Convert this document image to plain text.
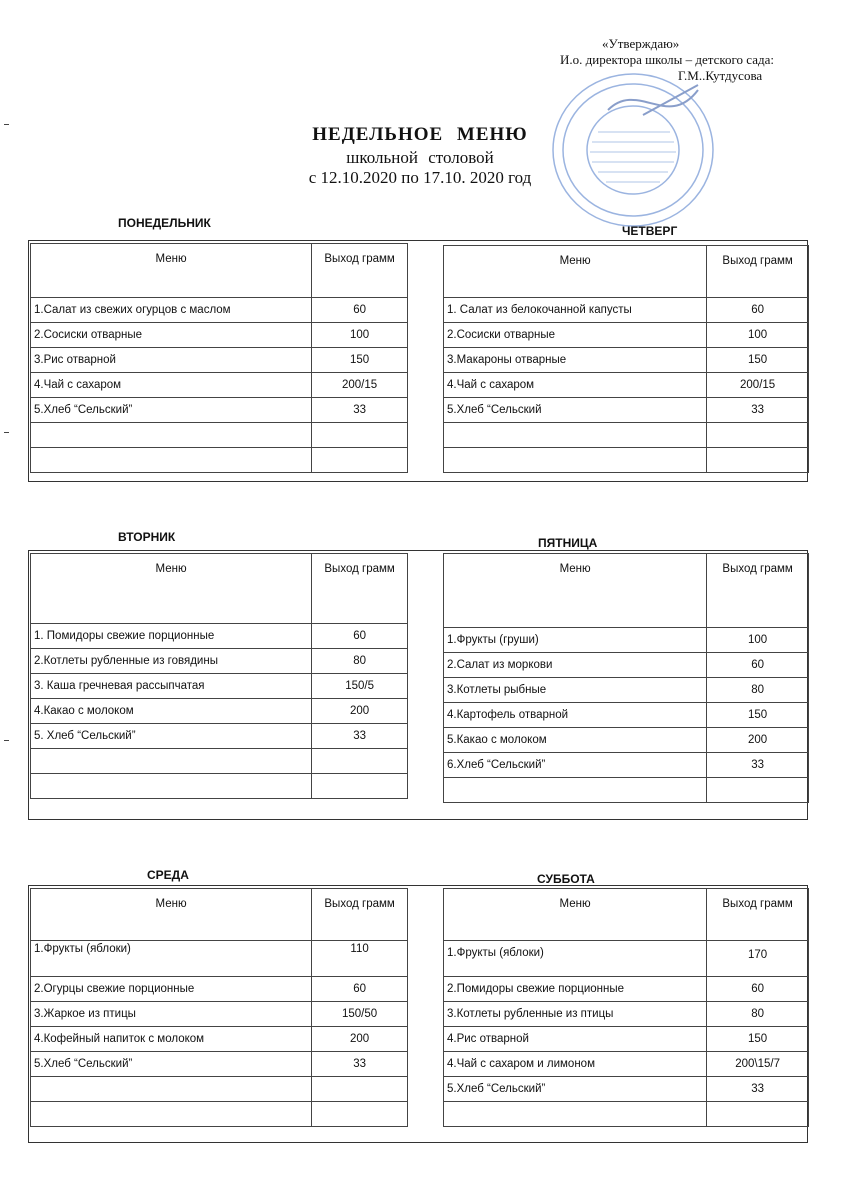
«Утверждаю»
И.о. директора школы – детского сада:
Г.М..Кутдусова
НЕДЕЛЬНОЕ МЕНЮ
школьной столовой
с 12.10.2020 по 17.10. 2020 год
ПОНЕДЕЛЬНИК
ЧЕТВЕРГ
Меню	Выход грамм
1.Салат из свежих огурцов с маслом	60
2.Сосиски отварные	100
3.Рис отварной	150
4.Чай с сахаром	200/15
5.Хлеб “Сельский”	33

Меню	Выход грамм
1. Салат из белокочанной капусты	60
2.Сосиски отварные	100
3.Макароны отварные	150
4.Чай с сахаром	200/15
5.Хлеб “Сельский	33

ВТОРНИК	ПЯТНИЦА
Меню	Выход грамм
1. Помидоры свежие порционные	60
2.Котлеты рубленные из говядины	80
3. Каша гречневая рассыпчатая	150/5
4.Какао с молоком	200
5. Хлеб “Сельский”	33

Меню	Выход грамм
1.Фрукты (груши)	100
2.Салат из моркови	60
3.Котлеты рыбные	80
4.Картофель отварной	150
5.Какао с молоком	200
6.Хлеб “Сельский”	33

СРЕДА	СУББОТА
Меню	Выход грамм
1.Фрукты (яблоки)	110
2.Огурцы свежие порционные	60
3.Жаркое из птицы	150/50
4.Кофейный напиток с молоком	200
5.Хлеб “Сельский”	33

Меню	Выход грамм
1.Фрукты (яблоки)	170
2.Помидоры свежие порционные	60
3.Котлеты рубленные из птицы	80
4.Рис отварной	150
4.Чай с сахаром и лимоном	200\15/7
5.Хлеб “Сельский”	33
